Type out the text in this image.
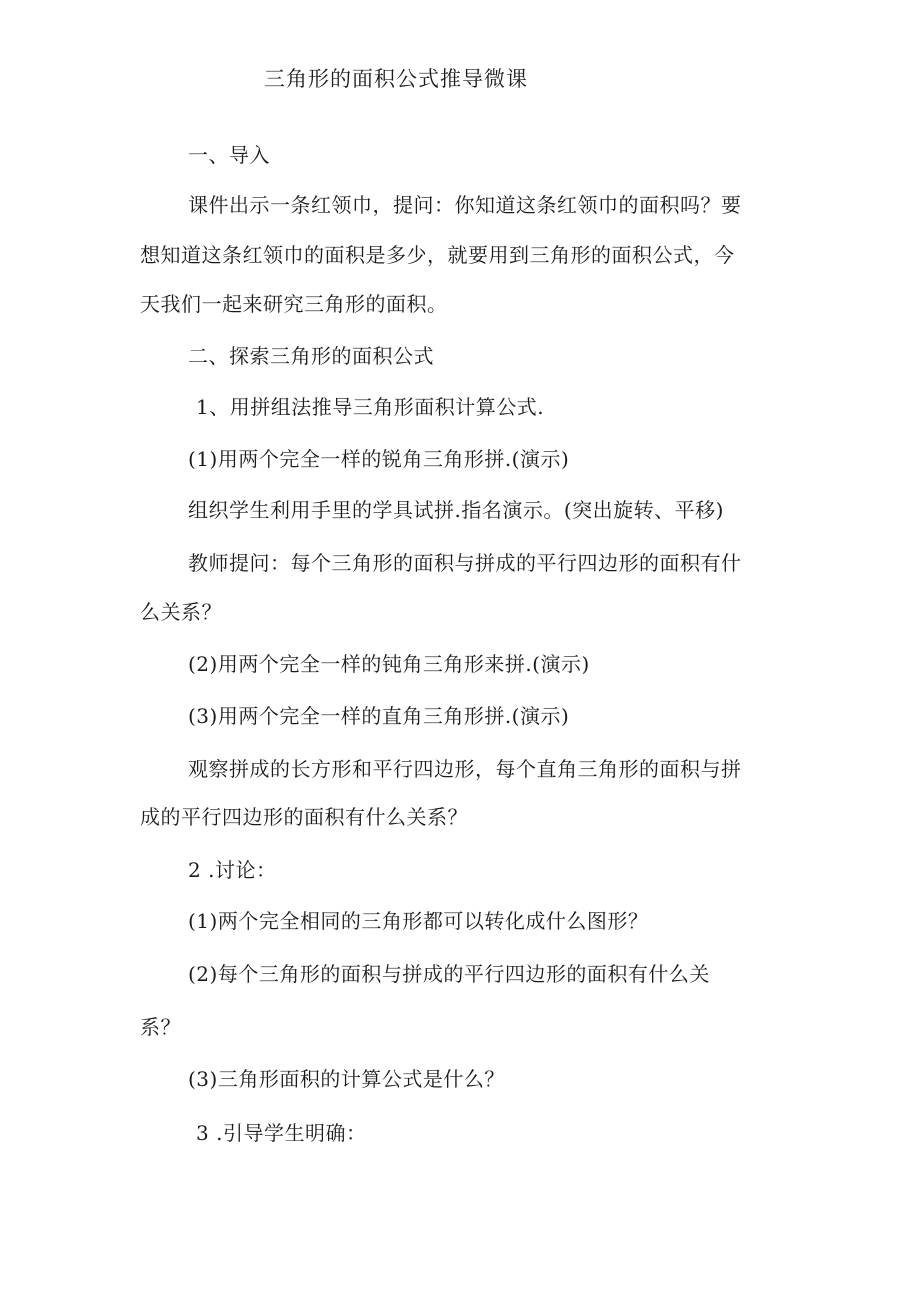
三角形的面积公式推导微课
一、导入
课件出示一条红领巾，提问：你知道这条红领巾的面积吗？要
想知道这条红领巾的面积是多少，就要用到三角形的面积公式，今
天我们一起来研究三角形的面积。
二、探索三角形的面积公式
1、用拼组法推导三角形面积计算公式.
(1)用两个完全一样的锐角三角形拼.(演示)
组织学生利用手里的学具试拼.指名演示。(突出旋转、平移)
教师提问：每个三角形的面积与拼成的平行四边形的面积有什
么关系？
(2)用两个完全一样的钝角三角形来拼.(演示)
(3)用两个完全一样的直角三角形拼.(演示)
观察拼成的长方形和平行四边形，每个直角三角形的面积与拼
成的平行四边形的面积有什么关系？
2 .讨论：
(1)两个完全相同的三角形都可以转化成什么图形？
(2)每个三角形的面积与拼成的平行四边形的面积有什么关
系？
(3)三角形面积的计算公式是什么？
3 .引导学生明确：
